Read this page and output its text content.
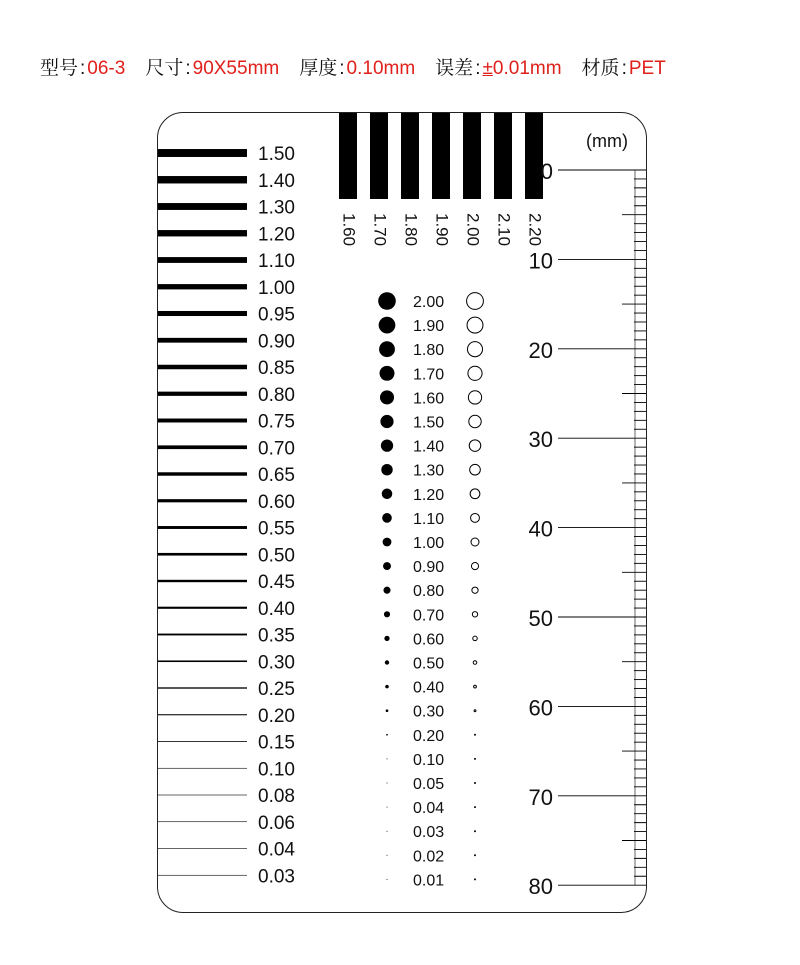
型号 : 06-3 尺寸 : 90X55mm 厚度 : 0.10mm 误差 : ± 0.01mm 材质 : PET
1.50
1.40
1.30
1.20
1.10
1.00
0.95
0.90
0.85
0.80
0.75
0.70
0.65
0.60
0.55
0.50
0.45
0.40
0.35
0.30
0.25
0.20
0.15
0.10
0.08
0.06
0.04
0.03
1.60 1.70 1.80 1.90 2.00 2.10 2.20
2.00
1.90
1.80
1.70
1.60
1.50
1.40
1.30
1.20
1.10
1.00
0.90
0.80
0.70
0.60
0.50
0.40
0.30
0.20
0.10
0.05
0.04
0.03
0.02
0.01
(mm)
0
10
20
30
40
50
60
70
80
